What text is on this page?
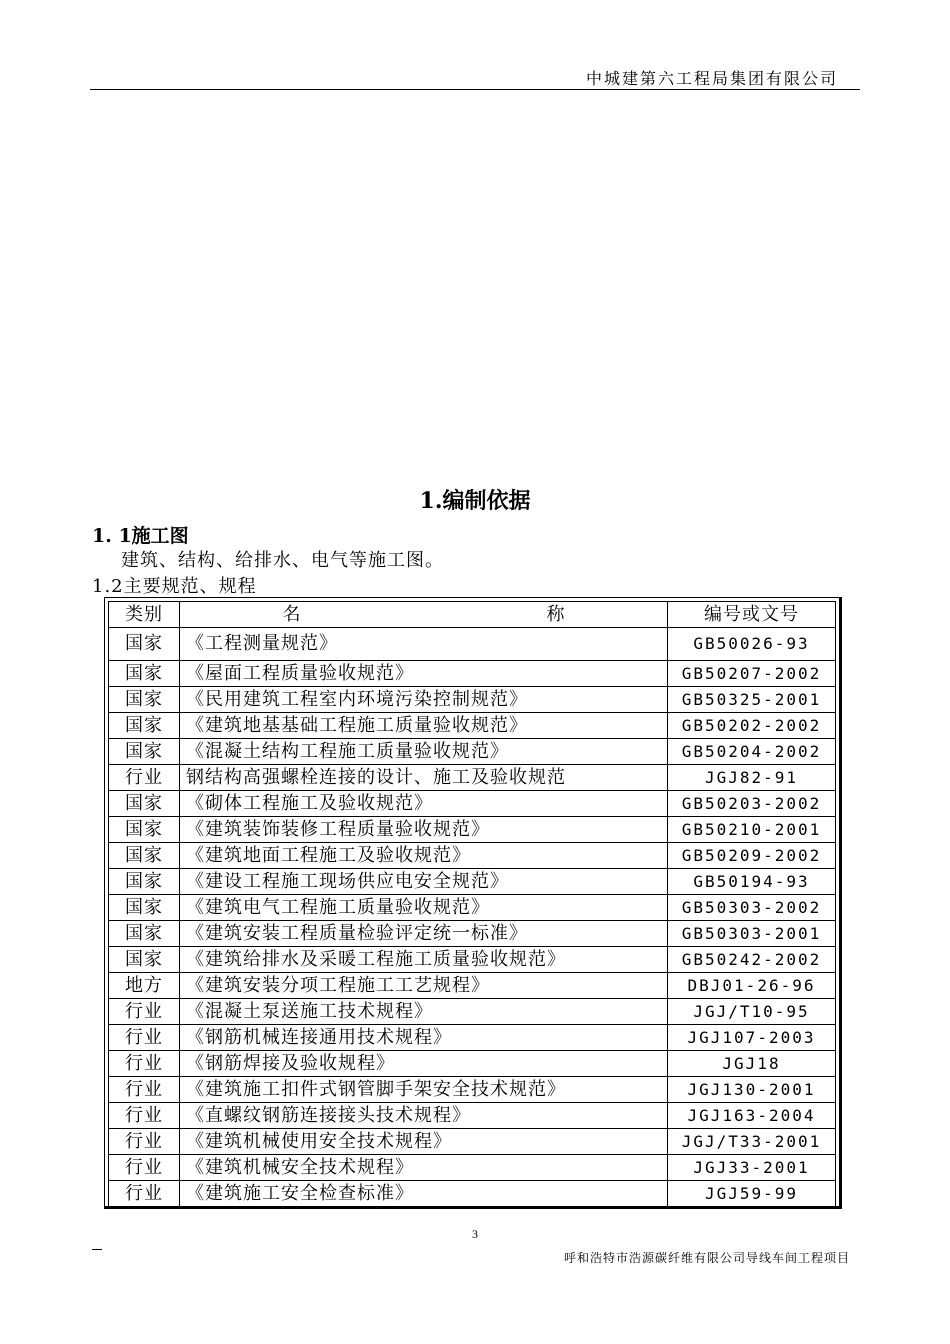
中城建第六工程局集团有限公司
1.编制依据
1. 1施工图
建筑、结构、给排水、电气等施工图。
1.2主要规范、规程
类别	名　　称	编号或文号
国家	《工程测量规范》	GB50026-93
国家	《屋面工程质量验收规范》	GB50207-2002
国家	《民用建筑工程室内环境污染控制规范》	GB50325-2001
国家	《建筑地基基础工程施工质量验收规范》	GB50202-2002
国家	《混凝土结构工程施工质量验收规范》	GB50204-2002
行业	钢结构高强螺栓连接的设计、施工及验收规范	JGJ82-91
国家	《砌体工程施工及验收规范》	GB50203-2002
国家	《建筑装饰装修工程质量验收规范》	GB50210-2001
国家	《建筑地面工程施工及验收规范》	GB50209-2002
国家	《建设工程施工现场供应电安全规范》	GB50194-93
国家	《建筑电气工程施工质量验收规范》	GB50303-2002
国家	《建筑安装工程质量检验评定统一标准》	GB50303-2001
国家	《建筑给排水及采暖工程施工质量验收规范》	GB50242-2002
地方	《建筑安装分项工程施工工艺规程》	DBJ01-26-96
行业	《混凝土泵送施工技术规程》	JGJ/T10-95
行业	《钢筋机械连接通用技术规程》	JGJ107-2003
行业	《钢筋焊接及验收规程》	JGJ18
行业	《建筑施工扣件式钢管脚手架安全技术规范》	JGJ130-2001
行业	《直螺纹钢筋连接接头技术规程》	JGJ163-2004
行业	《建筑机械使用安全技术规程》	JGJ/T33-2001
行业	《建筑机械安全技术规程》	JGJ33-2001
行业	《建筑施工安全检查标准》	JGJ59-99
3
呼和浩特市浩源碳纤维有限公司导线车间工程项目
